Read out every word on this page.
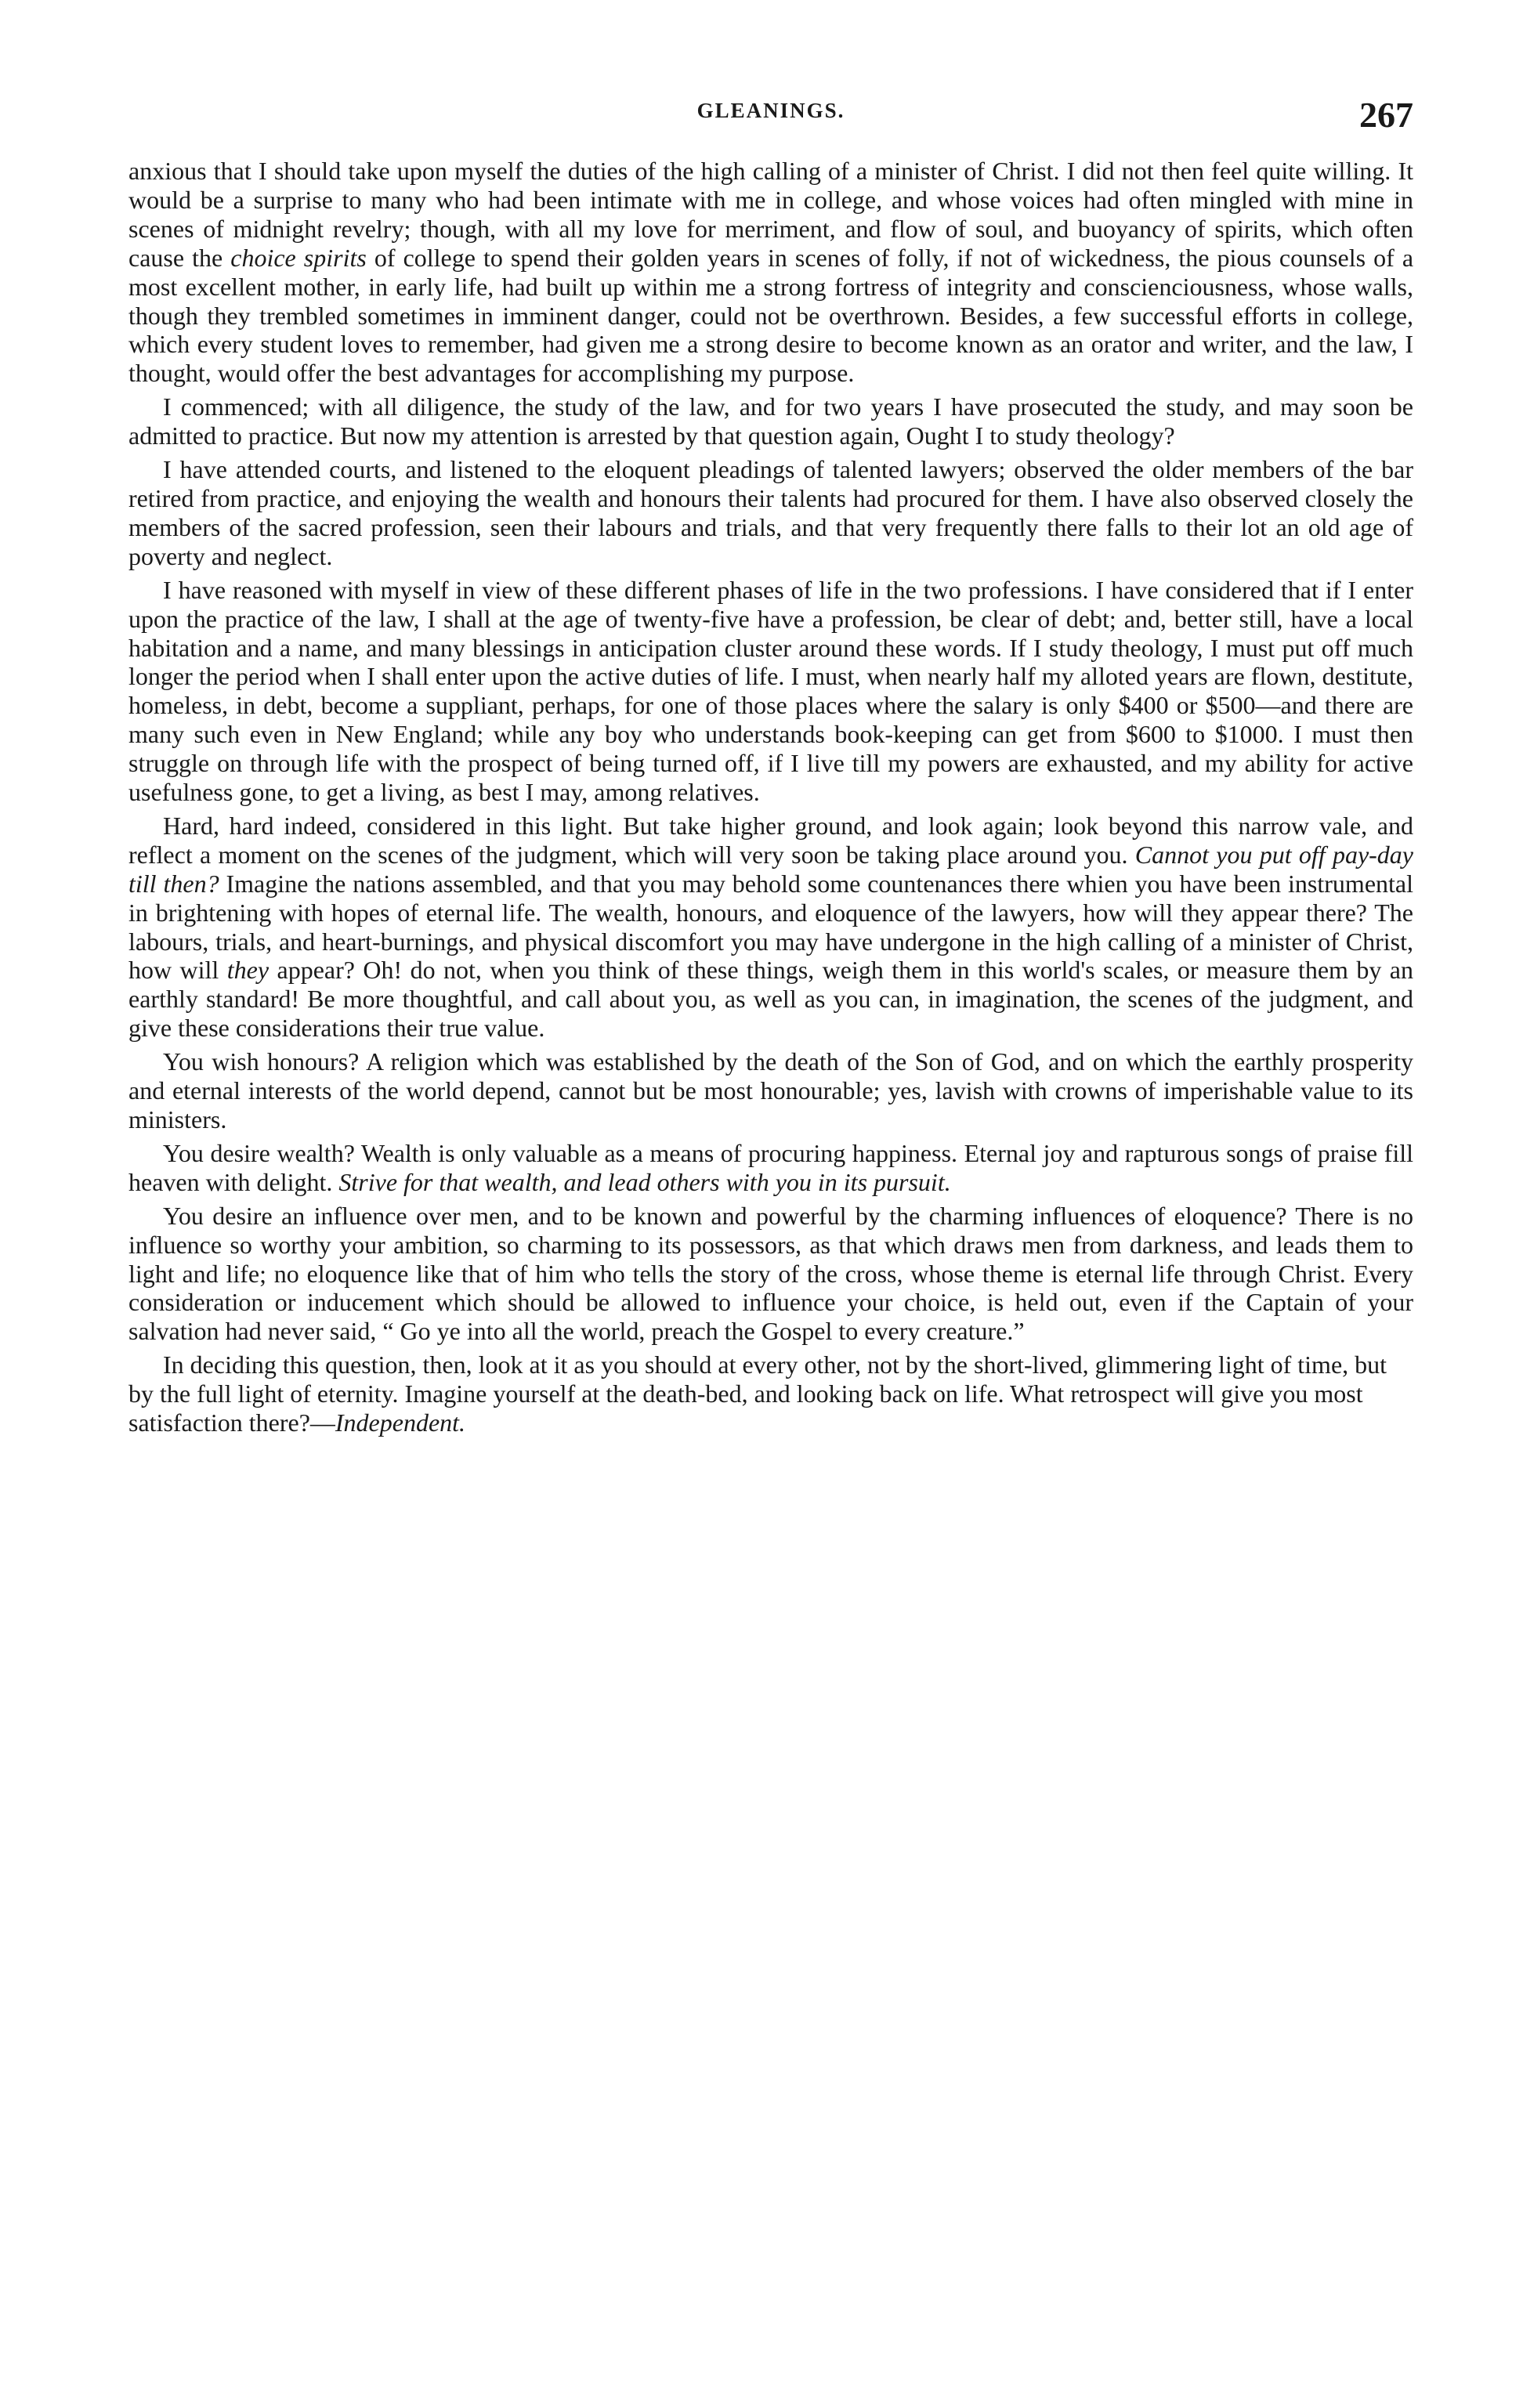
GLEANINGS.	267

anxious that I should take upon myself the duties of the high calling of a minister of Christ. I did not then feel quite willing. It would be a surprise to many who had been intimate with me in college, and whose voices had often mingled with mine in scenes of midnight revelry; though, with all my love for merriment, and flow of soul, and buoyancy of spirits, which often cause the choice spirits of college to spend their golden years in scenes of folly, if not of wickedness, the pious counsels of a most excellent mother, in early life, had built up within me a strong fortress of integrity and conscienciousness, whose walls, though they trembled sometimes in imminent danger, could not be overthrown. Besides, a few successful efforts in college, which every student loves to remember, had given me a strong desire to become known as an orator and writer, and the law, I thought, would offer the best advantages for accomplishing my purpose.

I commenced; with all diligence, the study of the law, and for two years I have prosecuted the study, and may soon be admitted to practice. But now my attention is arrested by that question again, Ought I to study theology?

I have attended courts, and listened to the eloquent pleadings of talented lawyers; observed the older members of the bar retired from practice, and enjoying the wealth and honours their talents had procured for them. I have also observed closely the members of the sacred profession, seen their labours and trials, and that very frequently there falls to their lot an old age of poverty and neglect.

I have reasoned with myself in view of these different phases of life in the two professions. I have considered that if I enter upon the practice of the law, I shall at the age of twenty-five have a profession, be clear of debt; and, better still, have a local habitation and a name, and many blessings in anticipation cluster around these words. If I study theology, I must put off much longer the period when I shall enter upon the active duties of life. I must, when nearly half my alloted years are flown, destitute, homeless, in debt, become a suppliant, perhaps, for one of those places where the salary is only $400 or $500—and there are many such even in New England; while any boy who understands book-keeping can get from $600 to $1000. I must then struggle on through life with the prospect of being turned off, if I live till my powers are exhausted, and my ability for active usefulness gone, to get a living, as best I may, among relatives.

Hard, hard indeed, considered in this light. But take higher ground, and look again; look beyond this narrow vale, and reflect a moment on the scenes of the judgment, which will very soon be taking place around you. Cannot you put off pay-day till then? Imagine the nations assembled, and that you may behold some countenances there whien you have been instrumental in brightening with hopes of eternal life. The wealth, honours, and eloquence of the lawyers, how will they appear there? The labours, trials, and heart-burnings, and physical discomfort you may have undergone in the high calling of a minister of Christ, how will they appear? Oh! do not, when you think of these things, weigh them in this world's scales, or measure them by an earthly standard! Be more thoughtful, and call about you, as well as you can, in imagination, the scenes of the judgment, and give these considerations their true value.

You wish honours? A religion which was established by the death of the Son of God, and on which the earthly prosperity and eternal interests of the world depend, cannot but be most honourable; yes, lavish with crowns of imperishable value to its ministers.

You desire wealth? Wealth is only valuable as a means of procuring happiness. Eternal joy and rapturous songs of praise fill heaven with delight. Strive for that wealth, and lead others with you in its pursuit.

You desire an influence over men, and to be known and powerful by the charming influences of eloquence? There is no influence so worthy your ambition, so charming to its possessors, as that which draws men from darkness, and leads them to light and life; no eloquence like that of him who tells the story of the cross, whose theme is eternal life through Christ. Every consideration or inducement which should be allowed to influence your choice, is held out, even if the Captain of your salvation had never said, “ Go ye into all the world, preach the Gospel to every creature.”

In deciding this question, then, look at it as you should at every other, not by the short-lived, glimmering light of time, but by the full light of eternity. Imagine yourself at the death-bed, and looking back on life. What retrospect will give you most satisfaction there?—Independent.
